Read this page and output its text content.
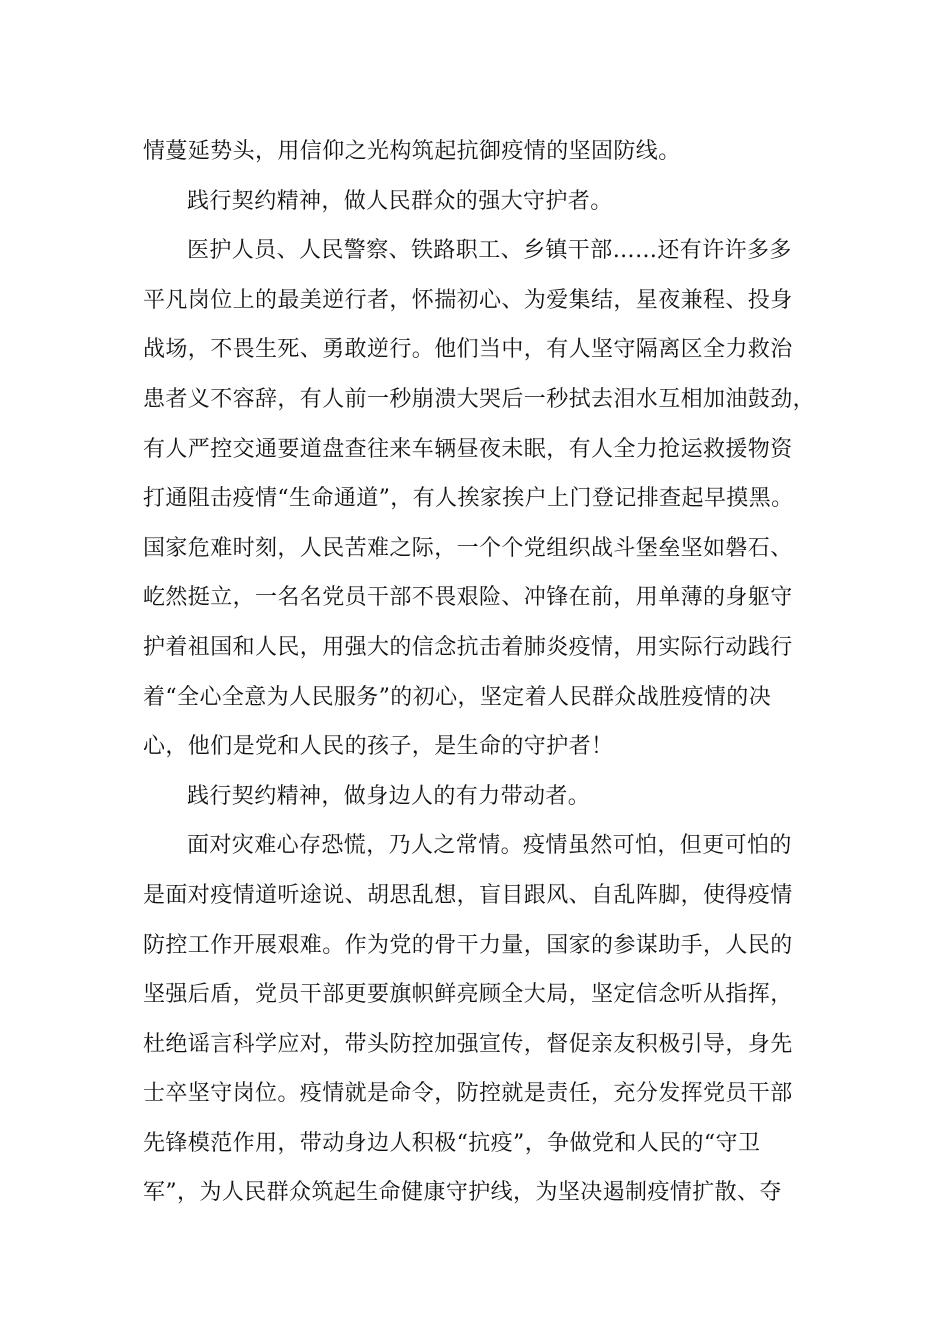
情蔓延势头，用信仰之光构筑起抗御疫情的坚固防线。
践行契约精神，做人民群众的强大守护者。
医护人员、人民警察、铁路职工、乡镇干部……还有许许多多
平凡岗位上的最美逆行者，怀揣初心、为爱集结，星夜兼程、投身
战场，不畏生死、勇敢逆行。他们当中，有人坚守隔离区全力救治
患者义不容辞，有人前一秒崩溃大哭后一秒拭去泪水互相加油鼓劲，
有人严控交通要道盘查往来车辆昼夜未眠，有人全力抢运救援物资
打通阻击疫情“生命通道”，有人挨家挨户上门登记排查起早摸黑。
国家危难时刻，人民苦难之际，一个个党组织战斗堡垒坚如磐石、
屹然挺立，一名名党员干部不畏艰险、冲锋在前，用单薄的身躯守
护着祖国和人民，用强大的信念抗击着肺炎疫情，用实际行动践行
着“全心全意为人民服务”的初心，坚定着人民群众战胜疫情的决
心，他们是党和人民的孩子，是生命的守护者！
践行契约精神，做身边人的有力带动者。
面对灾难心存恐慌，乃人之常情。疫情虽然可怕，但更可怕的
是面对疫情道听途说、胡思乱想，盲目跟风、自乱阵脚，使得疫情
防控工作开展艰难。作为党的骨干力量，国家的参谋助手，人民的
坚强后盾，党员干部更要旗帜鲜亮顾全大局，坚定信念听从指挥，
杜绝谣言科学应对，带头防控加强宣传，督促亲友积极引导，身先
士卒坚守岗位。疫情就是命令，防控就是责任，充分发挥党员干部
先锋模范作用，带动身边人积极“抗疫”，争做党和人民的“守卫
军”，为人民群众筑起生命健康守护线，为坚决遏制疫情扩散、夺
